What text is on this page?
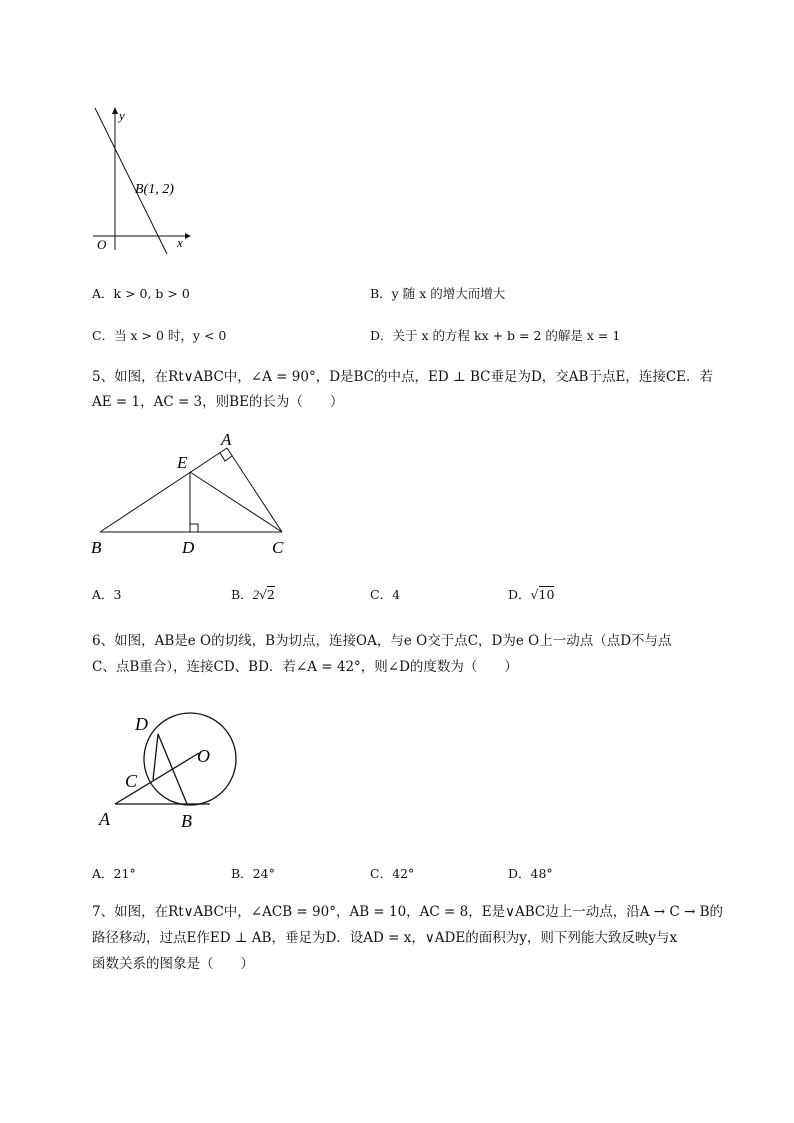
y
x
O
B(1, 2)
A．k > 0, b > 0	B．y 随 x 的增大而增大
C．当 x > 0 时，y < 0	D．关于 x 的方程 kx + b = 2 的解是 x = 1
5、如图，在Rt∨ABC中，∠A = 90°，D是BC的中点，ED ⊥ BC垂足为D，交AB于点E，连接CE．若
AE = 1，AC = 3，则BE的长为（　　）
A
E
B	D	C
A．3	B．2√2	C．4	D．√10
6、如图，AB是e O的切线，B为切点，连接OA，与e O交于点C，D为e O上一动点（点D不与点
C、点B重合），连接CD、BD．若∠A = 42°，则∠D的度数为（　　）
D
O
C
A	B
A．21°	B．24°	C．42°	D．48°
7、如图，在Rt∨ABC中，∠ACB = 90°，AB = 10，AC = 8，E是∨ABC边上一动点，沿A → C → B的
路径移动，过点E作ED ⊥ AB，垂足为D．设AD = x，∨ADE的面积为y，则下列能大致反映y与x
函数关系的图象是（　　）
